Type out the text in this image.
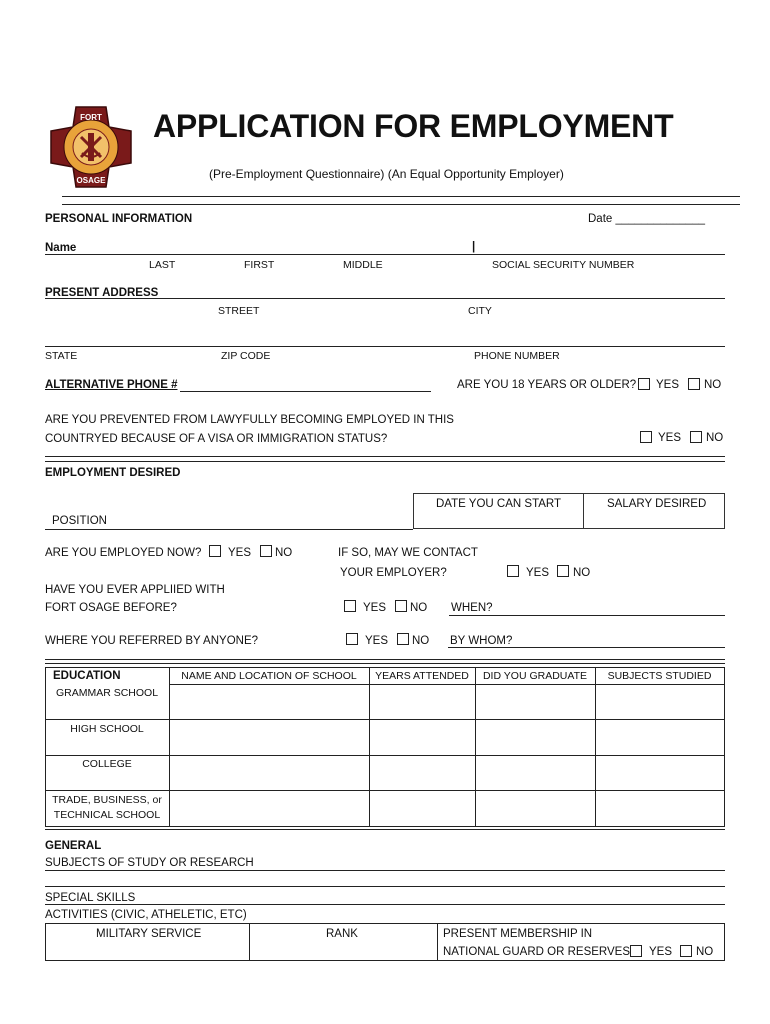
FORT
OSAGE
APPLICATION FOR EMPLOYMENT
(Pre-Employment Questionnaire) (An Equal Opportunity Employer)
PERSONAL INFORMATION	Date ______________
Name	|
LAST	FIRST	MIDDLE	SOCIAL SECURITY NUMBER
PRESENT ADDRESS
STREET	CITY
STATE	ZIP CODE	PHONE NUMBER
ALTERNATIVE PHONE #	ARE YOU 18 YEARS OR OLDER? YES NO
ARE YOU PREVENTED FROM LAWYFULLY BECOMING EMPLOYED IN THIS
COUNTRYED BECAUSE OF A VISA OR IMMIGRATION STATUS?	YES NO
EMPLOYMENT DESIRED
DATE YOU CAN START	SALARY DESIRED
POSITION
ARE YOU EMPLOYED NOW? YES NO	IF SO, MAY WE CONTACT
YOUR EMPLOYER?	YES NO
HAVE YOU EVER APPLIIED WITH
FORT OSAGE BEFORE?	YES NO WHEN?
WHERE YOU REFERRED BY ANYONE?	YES NO BY WHOM?
EDUCATION	NAME AND LOCATION OF SCHOOL	YEARS ATTENDED	DID YOU GRADUATE	SUBJECTS STUDIED
GRAMMAR SCHOOL
HIGH SCHOOL
COLLEGE
TRADE, BUSINESS, or
TECHNICAL SCHOOL
GENERAL
SUBJECTS OF STUDY OR RESEARCH
SPECIAL SKILLS
ACTIVITIES (CIVIC, ATHELETIC, ETC)
MILITARY SERVICE	RANK	PRESENT MEMBERSHIP IN
NATIONAL GUARD OR RESERVES YES NO
